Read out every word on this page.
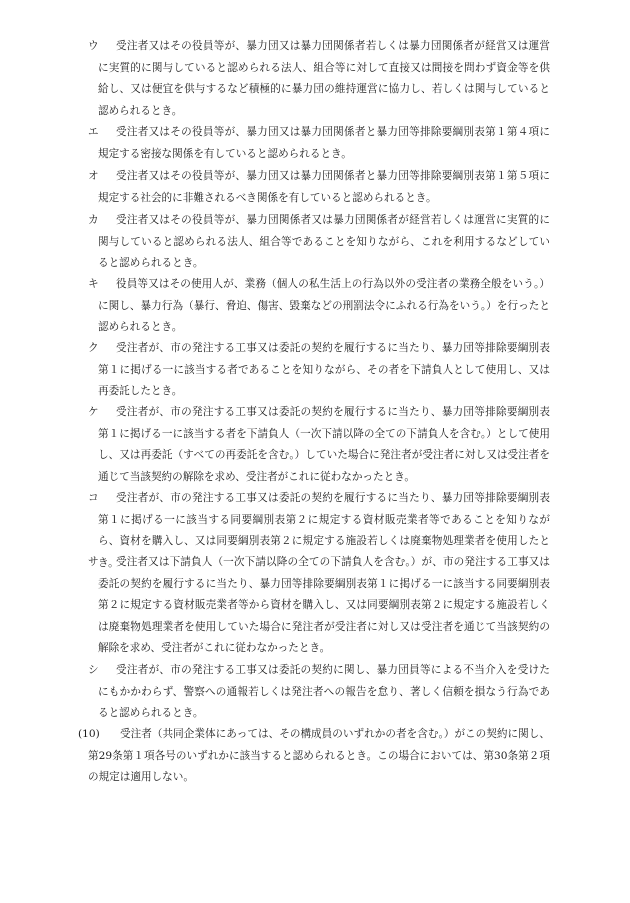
ウ	受注者又はその役員等が、暴力団又は暴力団関係者若しくは暴力団関係者が経営又は運営に実質的に関与していると認められる法人、組合等に対して直接又は間接を問わず資金等を供給し、又は便宜を供与するなど積極的に暴力団の維持運営に協力し、若しくは関与していると認められるとき。
エ	受注者又はその役員等が、暴力団又は暴力団関係者と暴力団等排除要綱別表第１第４項に規定する密接な関係を有していると認められるとき。
オ	受注者又はその役員等が、暴力団又は暴力団関係者と暴力団等排除要綱別表第１第５項に規定する社会的に非難されるべき関係を有していると認められるとき。
カ	受注者又はその役員等が、暴力団関係者又は暴力団関係者が経営若しくは運営に実質的に関与していると認められる法人、組合等であることを知りながら、これを利用するなどしていると認められるとき。
キ	役員等又はその使用人が、業務（個人の私生活上の行為以外の受注者の業務全般をいう。）に関し、暴力行為（暴行、脅迫、傷害、毀棄などの刑罰法令にふれる行為をいう。）を行ったと認められるとき。
ク	受注者が、市の発注する工事又は委託の契約を履行するに当たり、暴力団等排除要綱別表第１に掲げる一に該当する者であることを知りながら、その者を下請負人として使用し、又は再委託したとき。
ケ	受注者が、市の発注する工事又は委託の契約を履行するに当たり、暴力団等排除要綱別表第１に掲げる一に該当する者を下請負人（一次下請以降の全ての下請負人を含む。）として使用し、又は再委託（すべての再委託を含む。）していた場合に発注者が受注者に対し又は受注者を通じて当該契約の解除を求め、受注者がこれに従わなかったとき。
コ	受注者が、市の発注する工事又は委託の契約を履行するに当たり、暴力団等排除要綱別表第１に掲げる一に該当する同要綱別表第２に規定する資材販売業者等であることを知りながら、資材を購入し、又は同要綱別表第２に規定する施設若しくは廃棄物処理業者を使用したとき。
サ	受注者又は下請負人（一次下請以降の全ての下請負人を含む。）が、市の発注する工事又は委託の契約を履行するに当たり、暴力団等排除要綱別表第１に掲げる一に該当する同要綱別表第２に規定する資材販売業者等から資材を購入し、又は同要綱別表第２に規定する施設若しくは廃棄物処理業者を使用していた場合に発注者が受注者に対し又は受注者を通じて当該契約の解除を求め、受注者がこれに従わなかったとき。
シ	受注者が、市の発注する工事又は委託の契約に関し、暴力団員等による不当介入を受けたにもかかわらず、警察への通報若しくは発注者への報告を怠り、著しく信頼を損なう行為であると認められるとき。
(10)	受注者（共同企業体にあっては、その構成員のいずれかの者を含む。）がこの契約に関し、第29条第１項各号のいずれかに該当すると認められるとき。この場合においては、第30条第２項の規定は適用しない。
